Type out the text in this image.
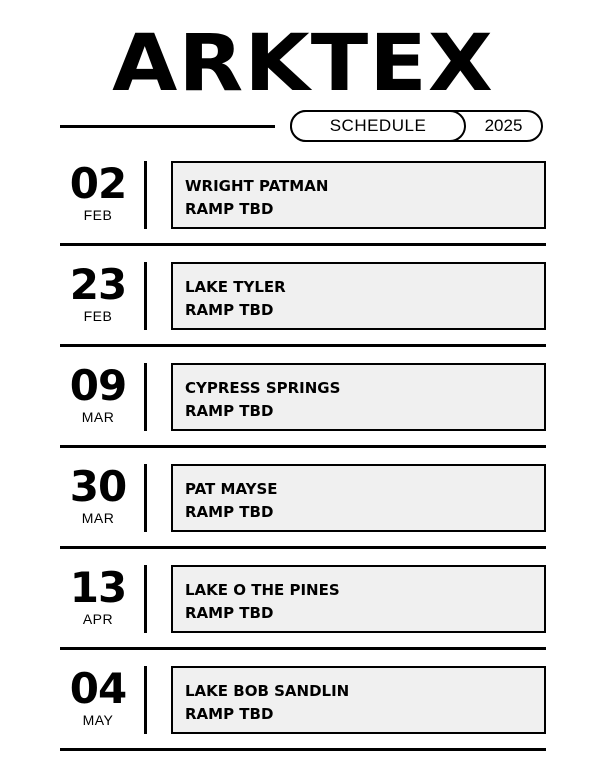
ARKTEX
SCHEDULE	2025
02
FEB
WRIGHT PATMAN
RAMP TBD
23
FEB
LAKE TYLER
RAMP TBD
09
MAR
CYPRESS SPRINGS
RAMP TBD
30
MAR
PAT MAYSE
RAMP TBD
13
APR
LAKE O THE PINES
RAMP TBD
04
MAY
LAKE BOB SANDLIN
RAMP TBD
